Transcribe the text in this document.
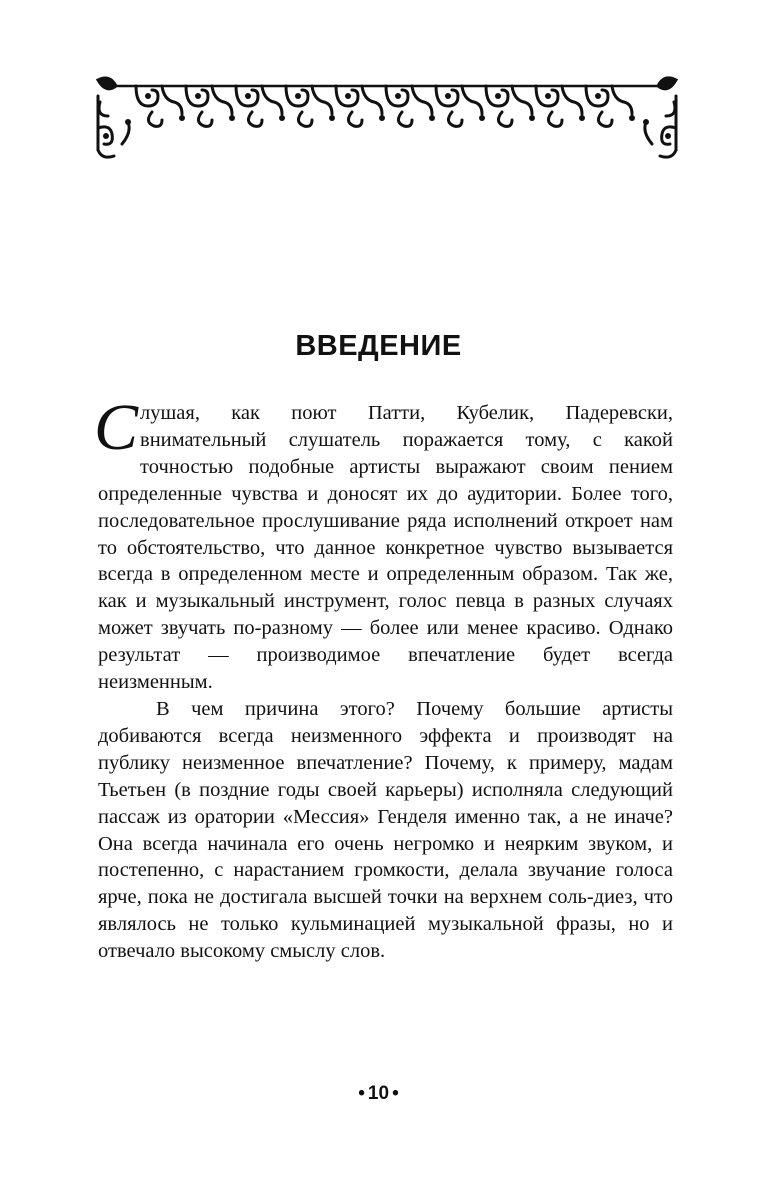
ВВЕДЕНИЕ

Слушая, как поют Патти, Кубелик, Падеревски, внимательный слушатель поражается тому, с какой точностью подобные артисты выражают своим пением определенные чувства и доносят их до аудитории. Более того, последовательное прослушивание ряда исполнений откроет нам то обстоятельство, что данное конкретное чувство вызывается всегда в определенном месте и определенным образом. Так же, как и музыкальный инструмент, голос певца в разных случаях может звучать по-разному — более или менее красиво. Однако результат — производимое впечатление будет всегда неизменным.

В чем причина этого? Почему большие артисты добиваются всегда неизменного эффекта и производят на публику неизменное впечатление? Почему, к примеру, мадам Тьетьен (в поздние годы своей карьеры) исполняла следующий пассаж из оратории «Мессия» Генделя именно так, а не иначе? Она всегда начинала его очень негромко и неярким звуком, и постепенно, с нарастанием громкости, делала звучание голоса ярче, пока не достигала высшей точки на верхнем соль-диез, что являлось не только кульминацией музыкальной фразы, но и отвечало высокому смыслу слов.

• 10 •
